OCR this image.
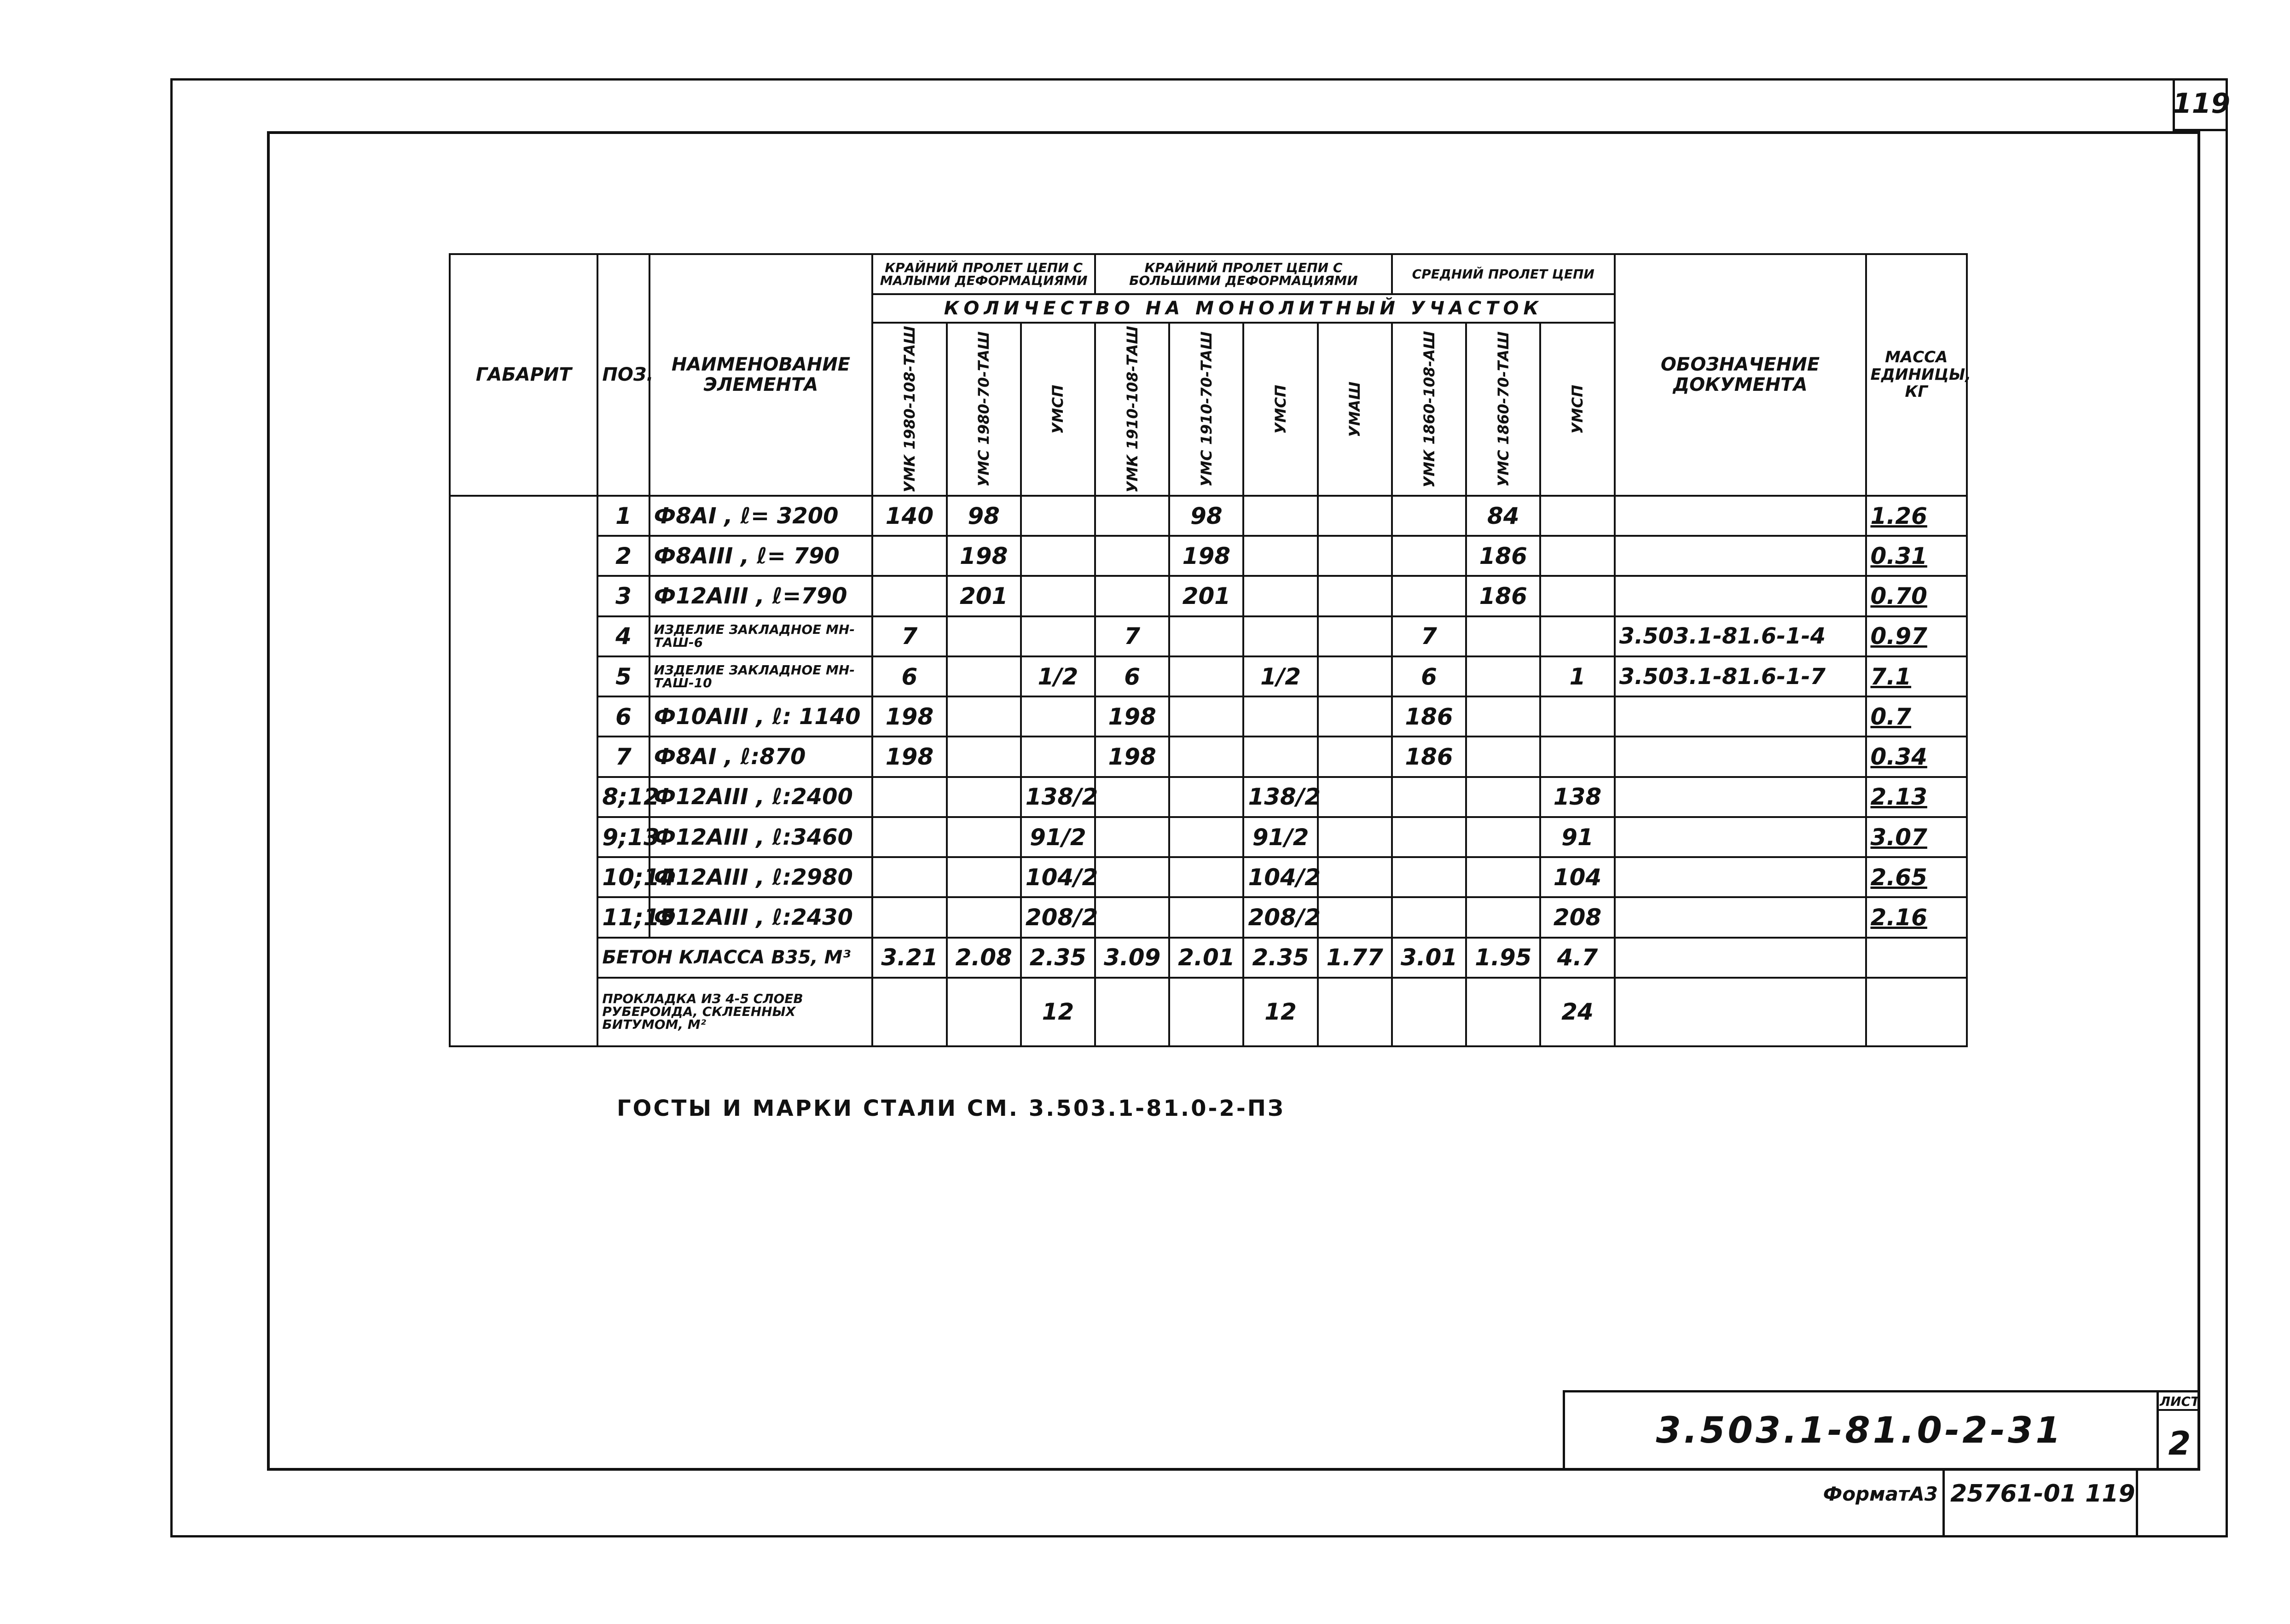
119
ГАБАРИТ	ПОЗ.	НАИМЕНОВАНИЕ ЭЛЕМЕНТА	КРАЙНИЙ ПРОЛЕТ ЦЕПИ С МАЛЫМИ ДЕФОРМАЦИЯМИ			КРАЙНИЙ ПРОЛЕТ ЦЕПИ С БОЛЬШИМИ ДЕФОРМАЦИЯМИ				СРЕДНИЙ ПРОЛЕТ ЦЕПИ			ОБОЗНАЧЕНИЕ ДОКУМЕНТА	МАССА ЕДИНИЦЫ, КГ
			КОЛИЧЕСТВО НА МОНОЛИТНЫЙ УЧАСТОК											

			УМК 1980-108-ТАШ	УМС 1980-70-ТАШ	УМСП	УМК 1910-108-ТАШ	УМС 1910-70-ТАШ	УМСП	УМАШ	УМК 1860-108-АШ	УМС 1860-70-ТАШ	УМСП		

	1	Ф8АI , ℓ= 3200	140	98			98				84			1.26
	2	Ф8АIII , ℓ= 790		198			198				186			0.31
	3	Ф12АIII , ℓ=790		201			201				186			0.70
	4	ИЗДЕЛИЕ ЗАКЛАДНОЕ МН-ТАШ-6	7			7				7			3.503.1-81.6-1-4	0.97
	5	ИЗДЕЛИЕ ЗАКЛАДНОЕ МН-ТАШ-10	6		1/2	6		1/2		6		1	3.503.1-81.6-1-7	7.1
	6	Ф10АIII , ℓ: 1140	198			198				186				0.7
	7	Ф8АI , ℓ:870	198			198				186				0.34
	8;12	Ф12АIII , ℓ:2400			138/2			138/2				138		2.13
	9;13	Ф12АIII , ℓ:3460			91/2			91/2				91		3.07
	10;14	Ф12АIII , ℓ:2980			104/2			104/2				104		2.65
	11;15	Ф12АIII , ℓ:2430			208/2			208/2				208		2.16
	БЕТОН КЛАССА В35, М³		3.21	2.08	2.35	3.09	2.01	2.35	1.77	3.01	1.95	4.7		
	ПРОКЛАДКА ИЗ 4-5 СЛОЕВ РУБЕРОИДА, СКЛЕЕННЫХ БИТУМОМ, М²				12			12				24		
ГОСТЫ И МАРКИ СТАЛИ СМ. 3.503.1-81.0-2-ПЗ
3.503.1-81.0-2-31
ЛИСТ
2
ФорматА3 25761-01 119
